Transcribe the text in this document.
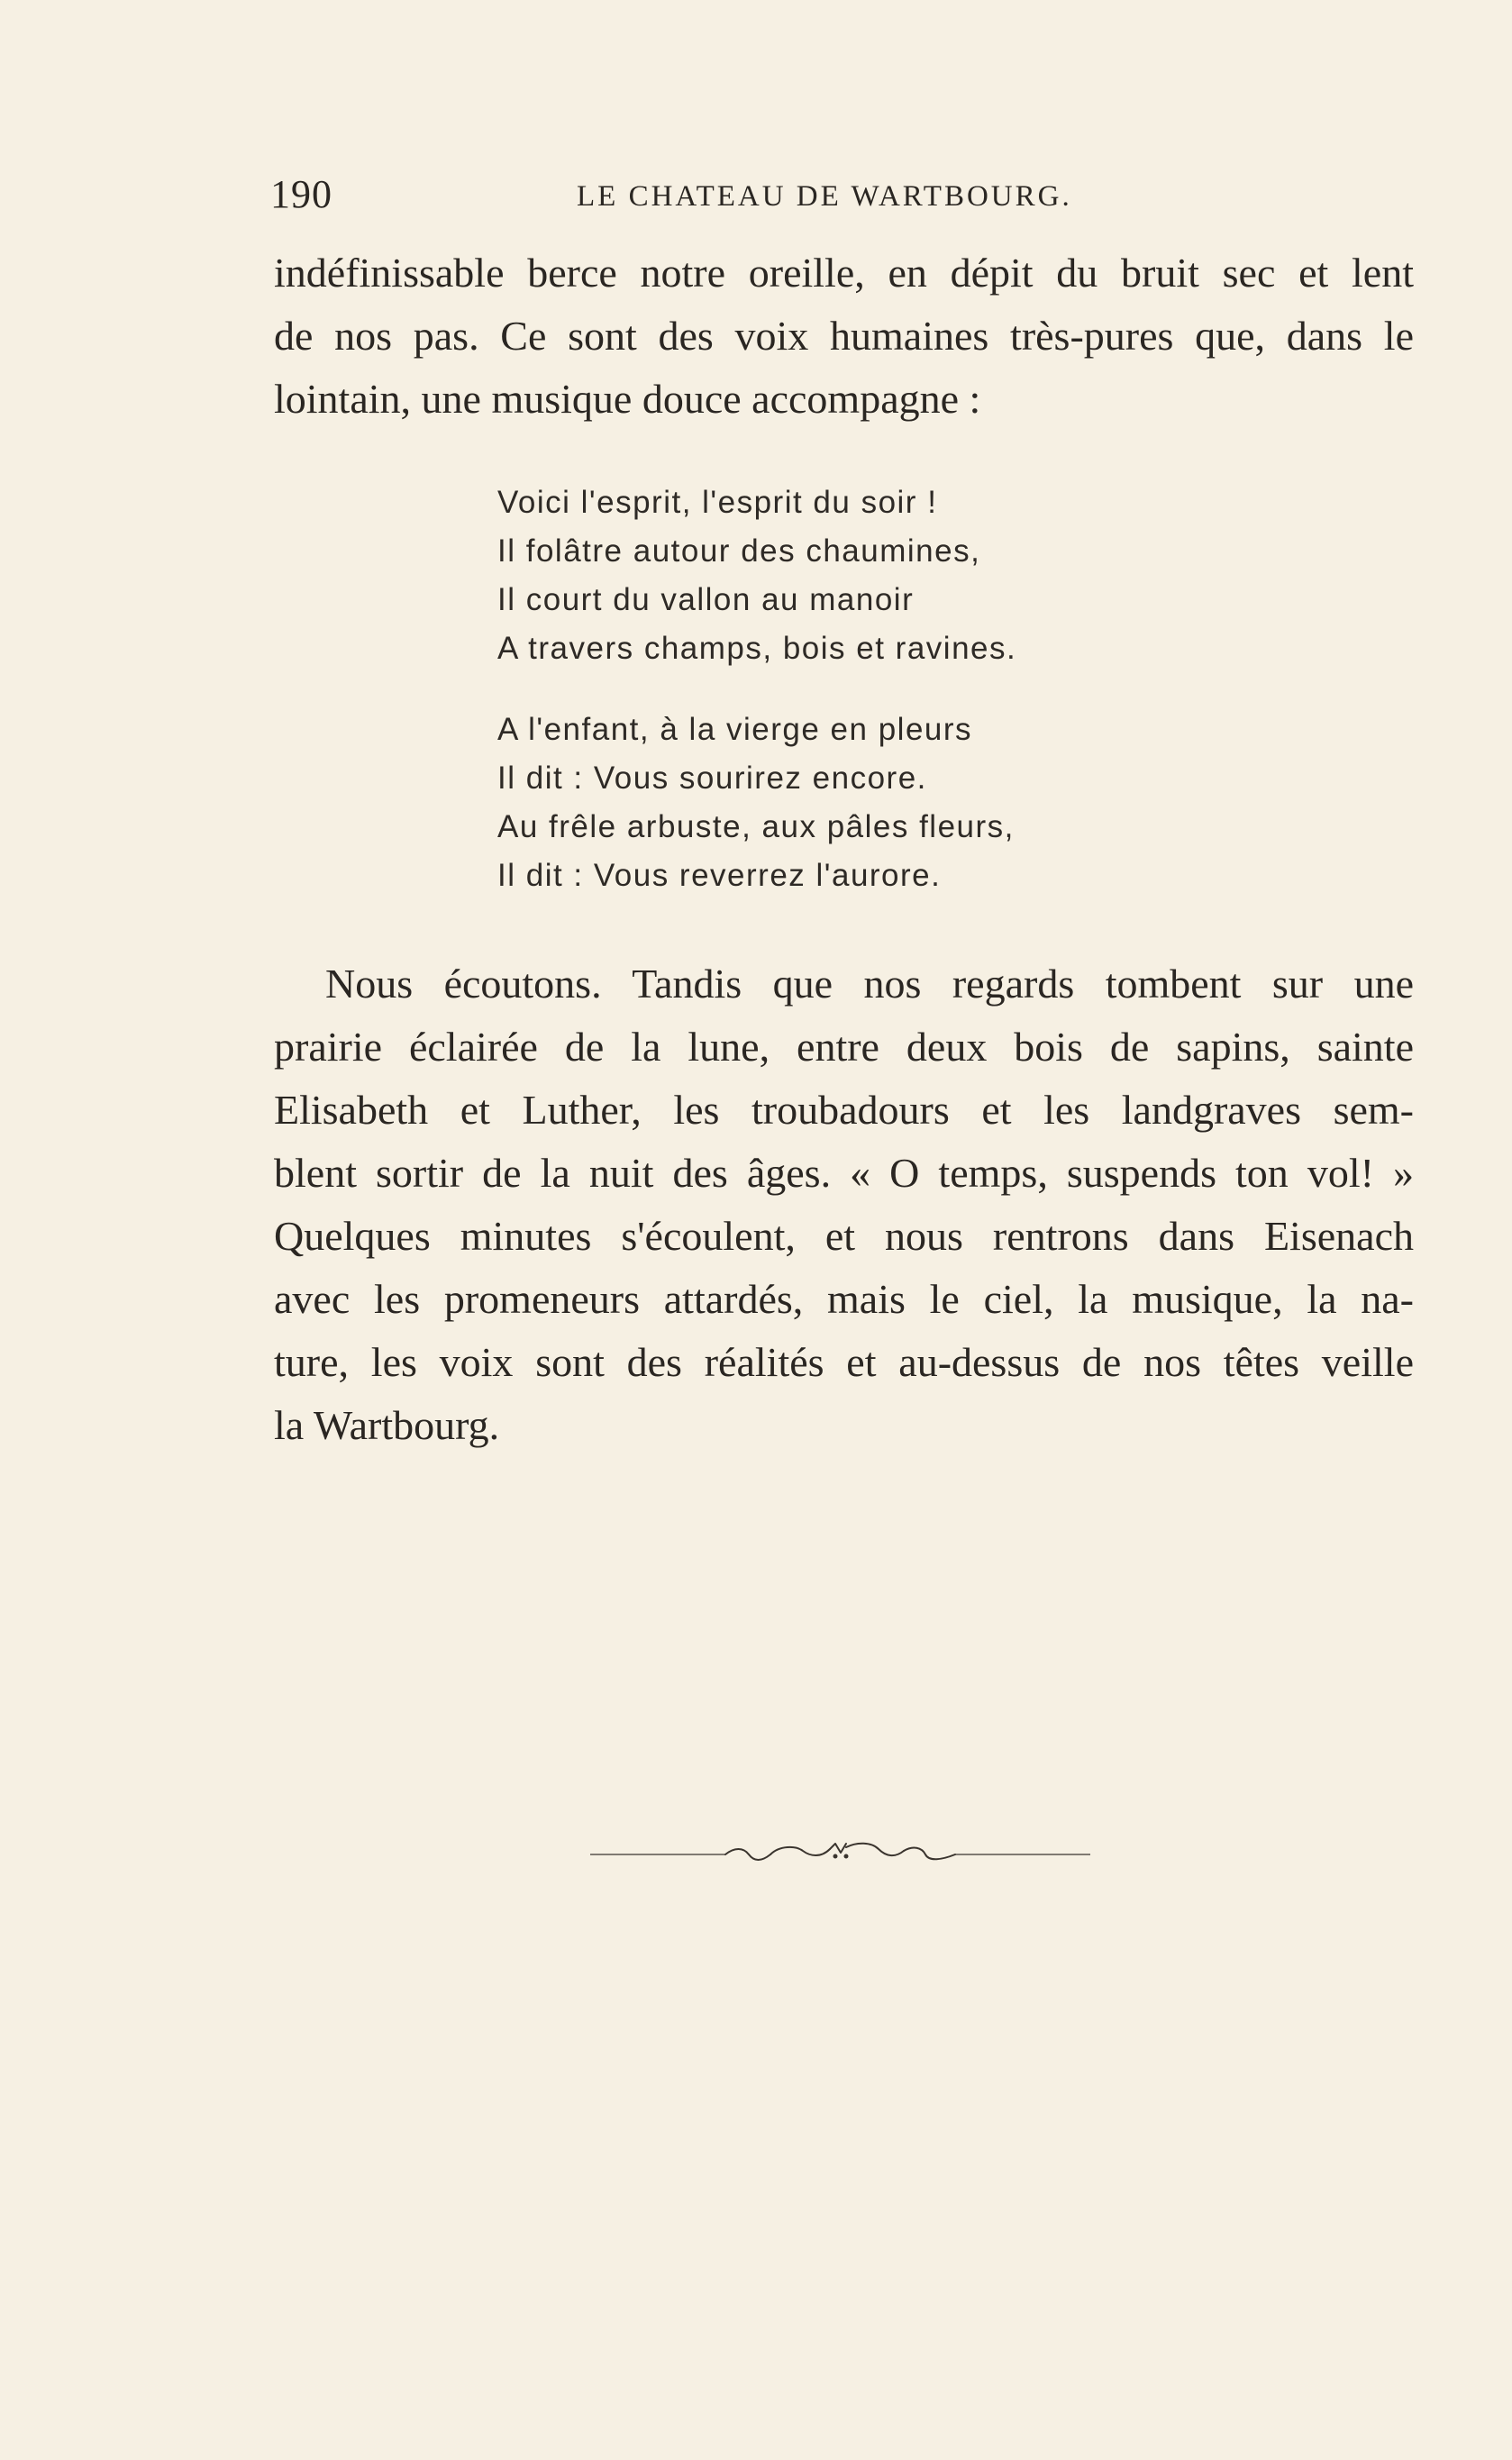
190	LE CHATEAU DE WARTBOURG.
indéfinissable berce notre oreille, en dépit du bruit sec et lent
de nos pas. Ce sont des voix humaines très-pures que, dans le
lointain, une musique douce accompagne :
Voici l'esprit, l'esprit du soir !
Il folâtre autour des chaumines,
Il court du vallon au manoir
A travers champs, bois et ravines.
A l'enfant, à la vierge en pleurs
Il dit : Vous sourirez encore.
Au frêle arbuste, aux pâles fleurs,
Il dit : Vous reverrez l'aurore.
Nous écoutons. Tandis que nos regards tombent sur une
prairie éclairée de la lune, entre deux bois de sapins, sainte
Elisabeth et Luther, les troubadours et les landgraves sem-
blent sortir de la nuit des âges. « O temps, suspends ton vol! »
Quelques minutes s'écoulent, et nous rentrons dans Eisenach
avec les promeneurs attardés, mais le ciel, la musique, la na-
ture, les voix sont des réalités et au-dessus de nos têtes veille
la Wartbourg.
